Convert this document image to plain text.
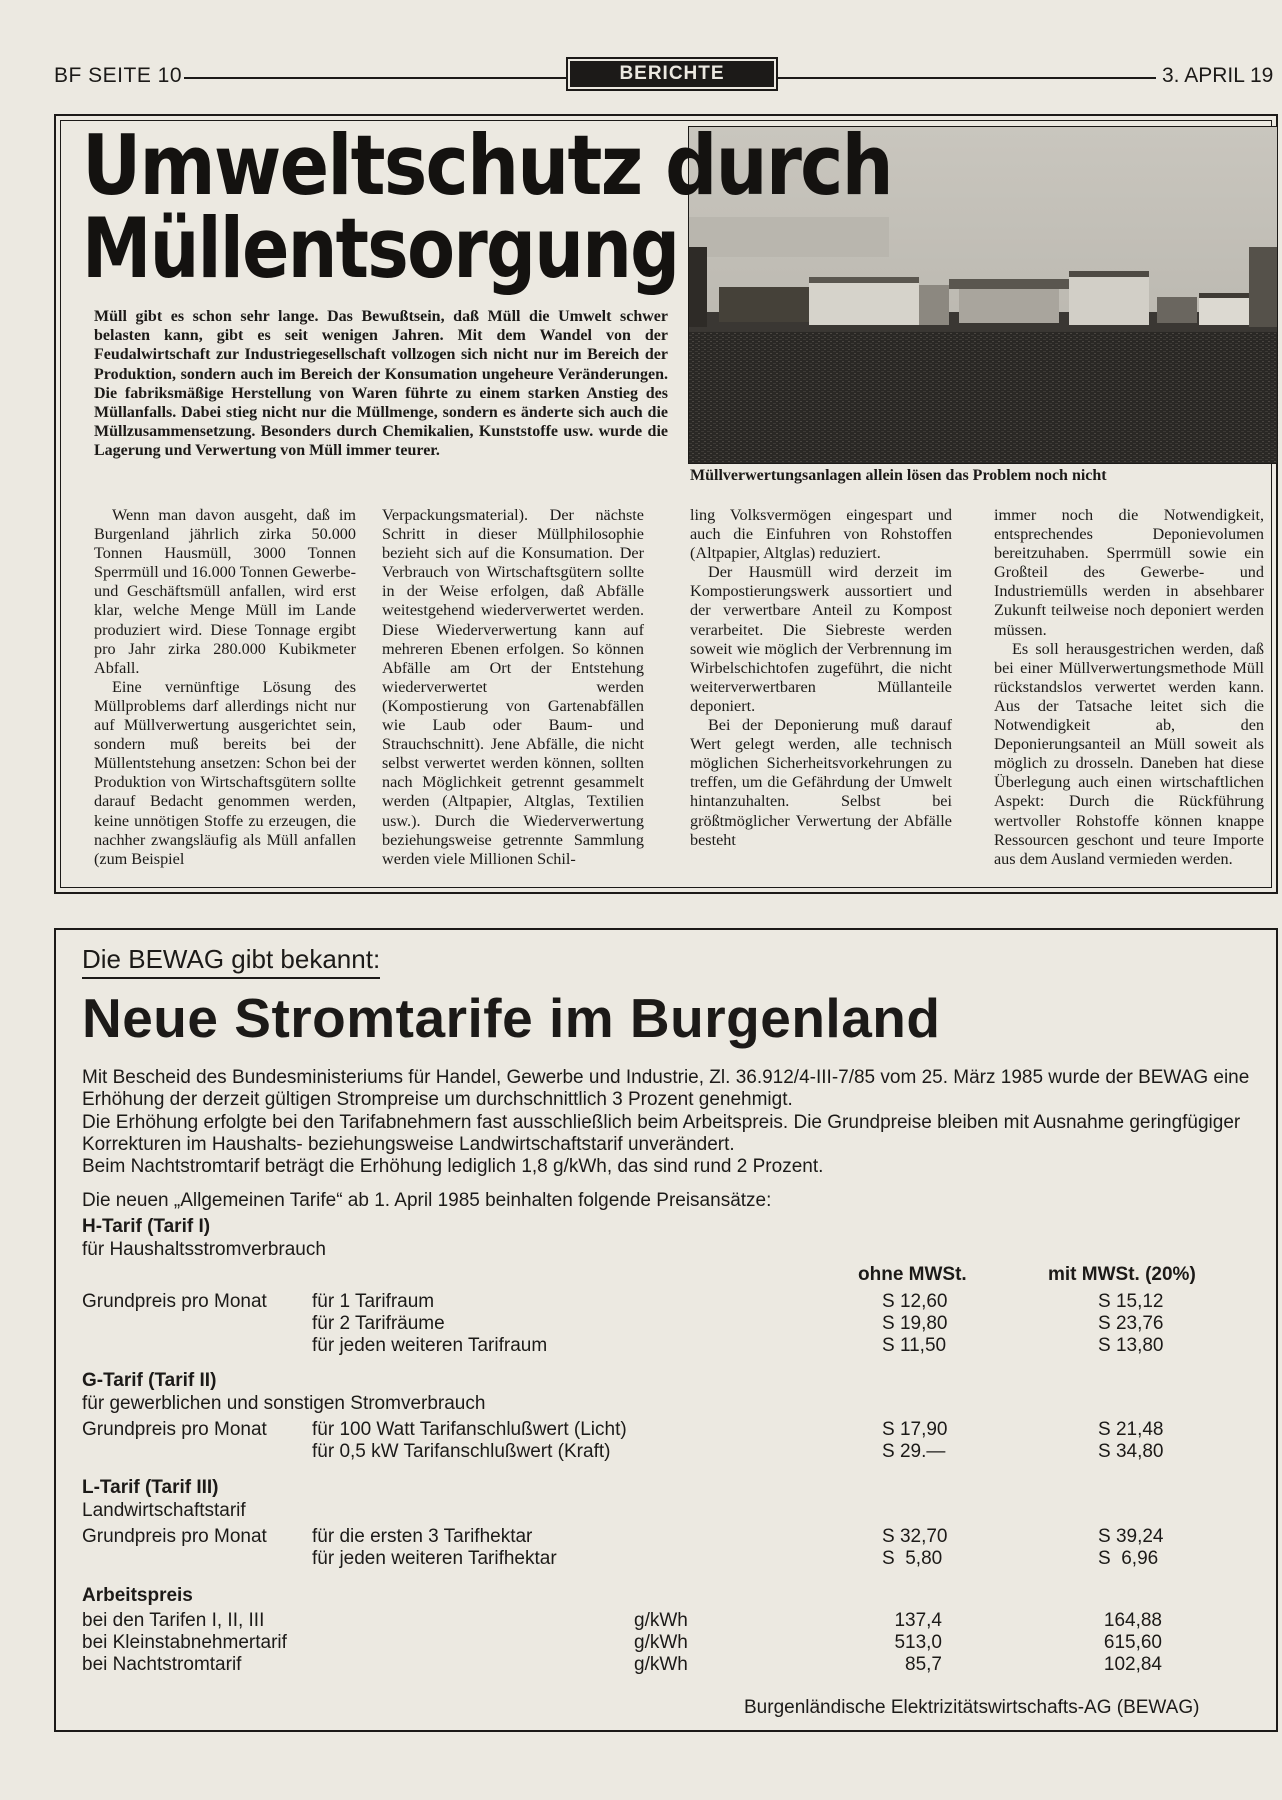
BF SEITE 10	BERICHTE	3. APRIL 19
Umweltschutz durch
Müllentsorgung
Müllverwertungsanlagen allein lösen das Problem noch nicht
Müll gibt es schon sehr lange. Das Bewußtsein, daß Müll die Umwelt schwer belasten kann, gibt es seit wenigen Jahren. Mit dem Wandel von der Feudalwirtschaft zur Industriegesellschaft vollzogen sich nicht nur im Bereich der Produktion, sondern auch im Bereich der Konsumation ungeheure Veränderungen. Die fabriksmäßige Herstellung von Waren führte zu einem starken Anstieg des Müllanfalls. Dabei stieg nicht nur die Müllmenge, sondern es änderte sich auch die Müllzusammensetzung. Besonders durch Chemikalien, Kunststoffe usw. wurde die Lagerung und Verwertung von Müll immer teurer.

Wenn man davon ausgeht, daß im Burgenland jährlich zirka 50.000 Tonnen Hausmüll, 3000 Tonnen Sperrmüll und 16.000 Tonnen Gewerbe- und Geschäftsmüll anfallen, wird erst klar, welche Menge Müll im Lande produziert wird. Diese Tonnage ergibt pro Jahr zirka 280.000 Kubikmeter Abfall.

Eine vernünftige Lösung des Müllproblems darf allerdings nicht nur auf Müllverwertung ausgerichtet sein, sondern muß bereits bei der Müllentstehung ansetzen: Schon bei der Produktion von Wirtschaftsgütern sollte darauf Bedacht genommen werden, keine unnötigen Stoffe zu erzeugen, die nachher zwangsläufig als Müll anfallen (zum Beispiel

Verpackungsmaterial). Der nächste Schritt in dieser Müllphilosophie bezieht sich auf die Konsumation. Der Verbrauch von Wirtschaftsgütern sollte in der Weise erfolgen, daß Abfälle weitestgehend wiederverwertet werden. Diese Wiederverwertung kann auf mehreren Ebenen erfolgen. So können Abfälle am Ort der Entstehung wiederverwertet werden (Kompostierung von Gartenabfällen wie Laub oder Baum- und Strauchschnitt). Jene Abfälle, die nicht selbst verwertet werden können, sollten nach Möglichkeit getrennt gesammelt werden (Altpapier, Altglas, Textilien usw.). Durch die Wiederverwertung beziehungsweise getrennte Sammlung werden viele Millionen Schil-

ling Volksvermögen eingespart und auch die Einfuhren von Rohstoffen (Altpapier, Altglas) reduziert.

Der Hausmüll wird derzeit im Kompostierungswerk aussortiert und der verwertbare Anteil zu Kompost verarbeitet. Die Siebreste werden soweit wie möglich der Verbrennung im Wirbelschichtofen zugeführt, die nicht weiterverwertbaren Müllanteile deponiert.

Bei der Deponierung muß darauf Wert gelegt werden, alle technisch möglichen Sicherheitsvorkehrungen zu treffen, um die Gefährdung der Umwelt hintanzuhalten. Selbst bei größtmöglicher Verwertung der Abfälle besteht

immer noch die Notwendigkeit, entsprechendes Deponievolumen bereitzuhaben. Sperrmüll sowie ein Großteil des Gewerbe- und Industriemülls werden in absehbarer Zukunft teilweise noch deponiert werden müssen.

Es soll herausgestrichen werden, daß bei einer Müllverwertungsmethode Müll rückstandslos verwertet werden kann. Aus der Tatsache leitet sich die Notwendigkeit ab, den Deponierungsanteil an Müll soweit als möglich zu drosseln. Daneben hat diese Überlegung auch einen wirtschaftlichen Aspekt: Durch die Rückführung wertvoller Rohstoffe können knappe Ressourcen geschont und teure Importe aus dem Ausland vermieden werden.

Die BEWAG gibt bekannt:
Neue Stromtarife im Burgenland
Mit Bescheid des Bundesministeriums für Handel, Gewerbe und Industrie, Zl. 36.912/4-III-7/85 vom 25. März 1985 wurde der BEWAG eine Erhöhung der derzeit gültigen Strompreise um durchschnittlich 3 Prozent genehmigt.
Die Erhöhung erfolgte bei den Tarifabnehmern fast ausschließlich beim Arbeitspreis. Die Grundpreise bleiben mit Ausnahme geringfügiger Korrekturen im Haushalts- beziehungsweise Landwirtschaftstarif unverändert.
Beim Nachtstromtarif beträgt die Erhöhung lediglich 1,8 g/kWh, das sind rund 2 Prozent.
Die neuen „Allgemeinen Tarife“ ab 1. April 1985 beinhalten folgende Preisansätze:
H-Tarif (Tarif I)
für Haushaltsstromverbrauch
ohne MWSt.	mit MWSt. (20%)
Grundpreis pro Monat für 1 Tarifraum	S 12,60	S 15,12
für 2 Tarifräume	S 19,80	S 23,76
für jeden weiteren Tarifraum	S 11,50	S 13,80
G-Tarif (Tarif II)
für gewerblichen und sonstigen Stromverbrauch
Grundpreis pro Monat für 100 Watt Tarifanschlußwert (Licht)	S 17,90	S 21,48
für 0,5 kW Tarifanschlußwert (Kraft)	S 29.—	S 34,80
L-Tarif (Tarif III)
Landwirtschaftstarif
Grundpreis pro Monat für die ersten 3 Tarifhektar	S 32,70	S 39,24
für jeden weiteren Tarifhektar	S  5,80	S  6,96
Arbeitspreis
bei den Tarifen I, II, III	g/kWh	137,4	164,88
bei Kleinstabnehmertarif	g/kWh	513,0	615,60
bei Nachtstromtarif	g/kWh	85,7	102,84
Burgenländische Elektrizitätswirtschafts-AG (BEWAG)
